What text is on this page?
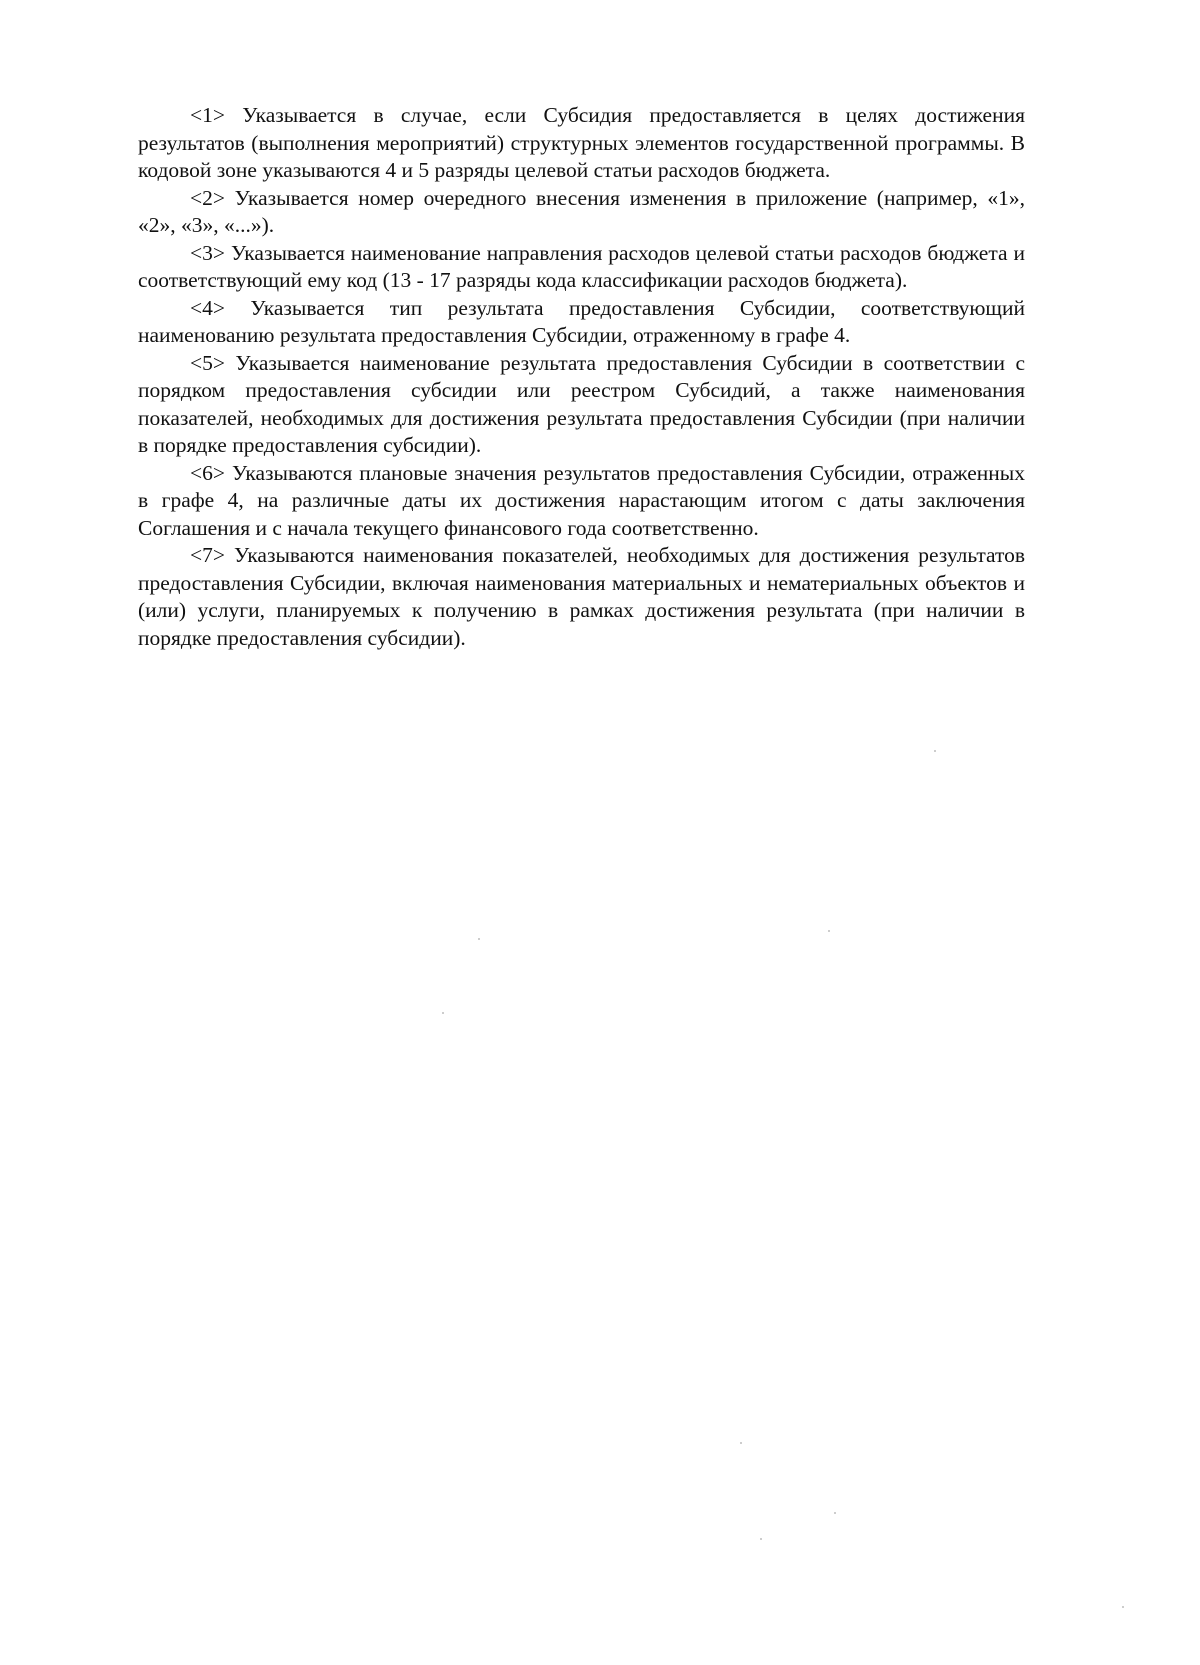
<1> Указывается в случае, если Субсидия предоставляется в целях достижения результатов (выполнения мероприятий) структурных элементов государственной программы. В кодовой зоне указываются 4 и 5 разряды целевой статьи расходов бюджета.

<2> Указывается номер очередного внесения изменения в приложение (например, «1», «2», «3», «...»).

<3> Указывается наименование направления расходов целевой статьи расходов бюджета и соответствующий ему код (13 - 17 разряды кода классификации расходов бюджета).

<4> Указывается тип результата предоставления Субсидии, соответствующий наименованию результата предоставления Субсидии, отраженному в графе 4.

<5> Указывается наименование результата предоставления Субсидии в соответствии с порядком предоставления субсидии или реестром Субсидий, а также наименования показателей, необходимых для достижения результата предоставления Субсидии (при наличии в порядке предоставления субсидии).

<6> Указываются плановые значения результатов предоставления Субсидии, отраженных в графе 4, на различные даты их достижения нарастающим итогом с даты заключения Соглашения и с начала текущего финансового года соответственно.

<7> Указываются наименования показателей, необходимых для достижения результатов предоставления Субсидии, включая наименования материальных и нематериальных объектов и (или) услуги, планируемых к получению в рамках достижения результата (при наличии в порядке предоставления субсидии).
